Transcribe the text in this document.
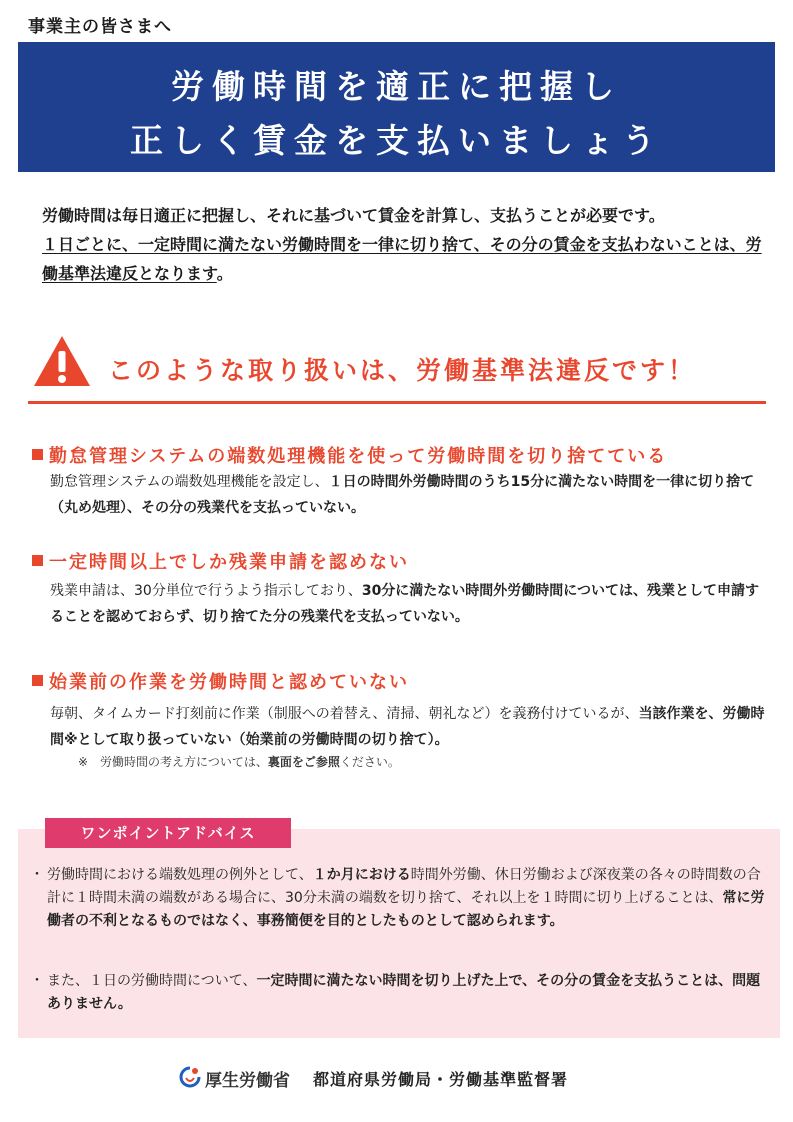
事業主の皆さまへ
労働時間を適正に把握し
正しく賃金を支払いましょう
労働時間は毎日適正に把握し、それに基づいて賃金を計算し、支払うことが必要です。
１日ごとに、一定時間に満たない労働時間を一律に切り捨て、その分の賃金を支払わないことは、労働基準法違反となります。
このような取り扱いは、労働基準法違反です！
勤怠管理システムの端数処理機能を使って労働時間を切り捨てている
勤怠管理システムの端数処理機能を設定し、１日の時間外労働時間のうち15分に満たない時間を一律に切り捨て（丸め処理）、その分の残業代を支払っていない。
一定時間以上でしか残業申請を認めない
残業申請は、30分単位で行うよう指示しており、30分に満たない時間外労働時間については、残業として申請することを認めておらず、切り捨てた分の残業代を支払っていない。
始業前の作業を労働時間と認めていない
毎朝、タイムカード打刻前に作業（制服への着替え、清掃、朝礼など）を義務付けているが、当該作業を、労働時間※として取り扱っていない（始業前の労働時間の切り捨て）。
※　労働時間の考え方については、裏面をご参照ください。
ワンポイントアドバイス
・ 労働時間における端数処理の例外として、１か月における時間外労働、休日労働および深夜業の各々の時間数の合計に１時間未満の端数がある場合に、30分未満の端数を切り捨て、それ以上を１時間に切り上げることは、常に労働者の不利となるものではなく、事務簡便を目的としたものとして認められます。
・ また、１日の労働時間について、一定時間に満たない時間を切り上げた上で、その分の賃金を支払うことは、問題ありません。
厚生労働省 都道府県労働局・労働基準監督署
